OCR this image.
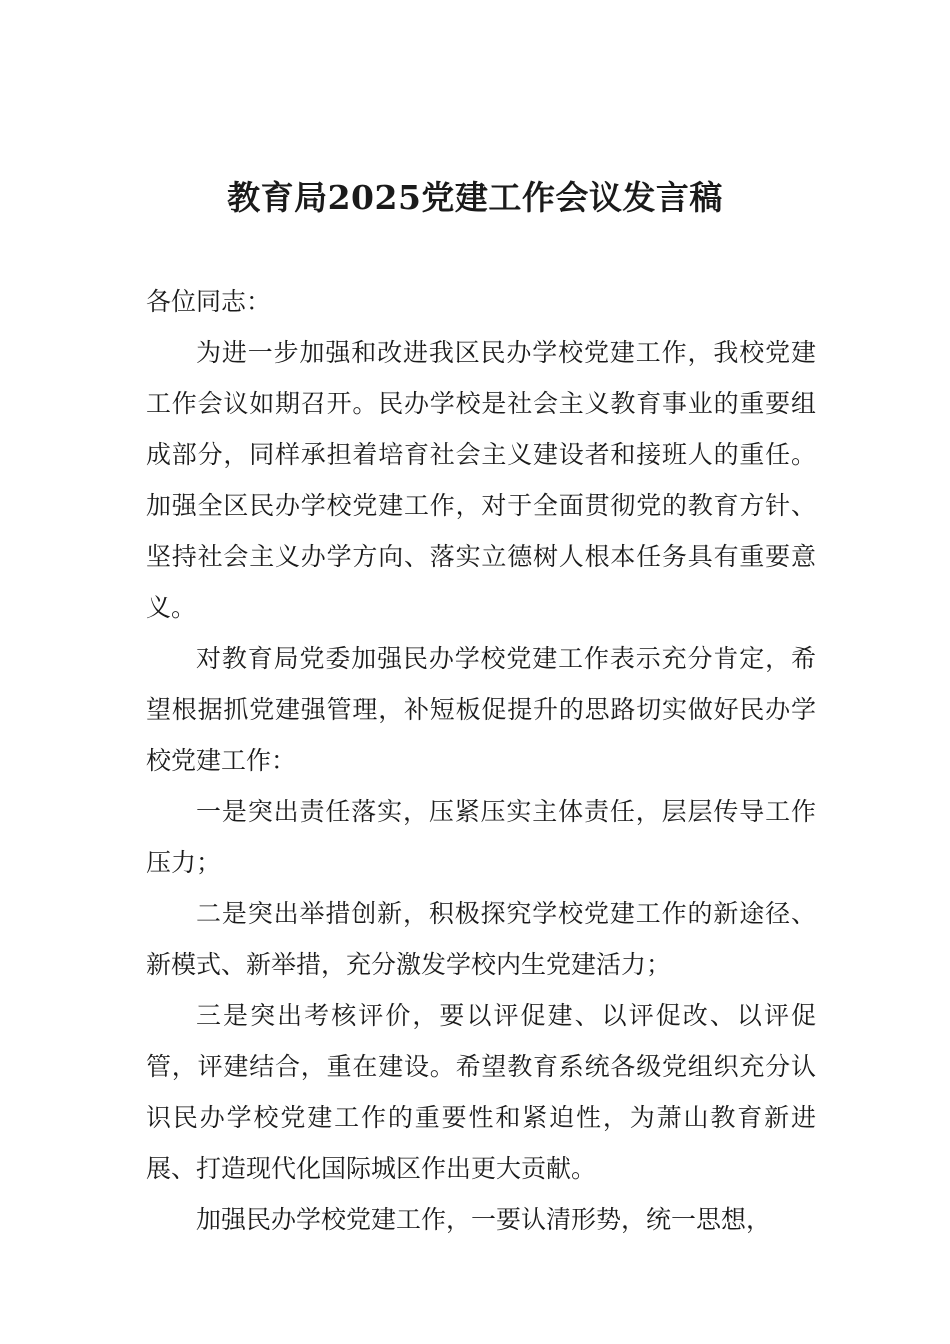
教育局2025党建工作会议发言稿

各位同志：

为进一步加强和改进我区民办学校党建工作，我校党建工作会议如期召开。民办学校是社会主义教育事业的重要组成部分，同样承担着培育社会主义建设者和接班人的重任。加强全区民办学校党建工作，对于全面贯彻党的教育方针、坚持社会主义办学方向、落实立德树人根本任务具有重要意义。

对教育局党委加强民办学校党建工作表示充分肯定，希望根据抓党建强管理，补短板促提升的思路切实做好民办学校党建工作：

一是突出责任落实，压紧压实主体责任，层层传导工作压力；

二是突出举措创新，积极探究学校党建工作的新途径、新模式、新举措，充分激发学校内生党建活力；

三是突出考核评价，要以评促建、以评促改、以评促管，评建结合，重在建设。希望教育系统各级党组织充分认识民办学校党建工作的重要性和紧迫性，为萧山教育新进展、打造现代化国际城区作出更大贡献。

加强民办学校党建工作，一要认清形势，统一思想，
